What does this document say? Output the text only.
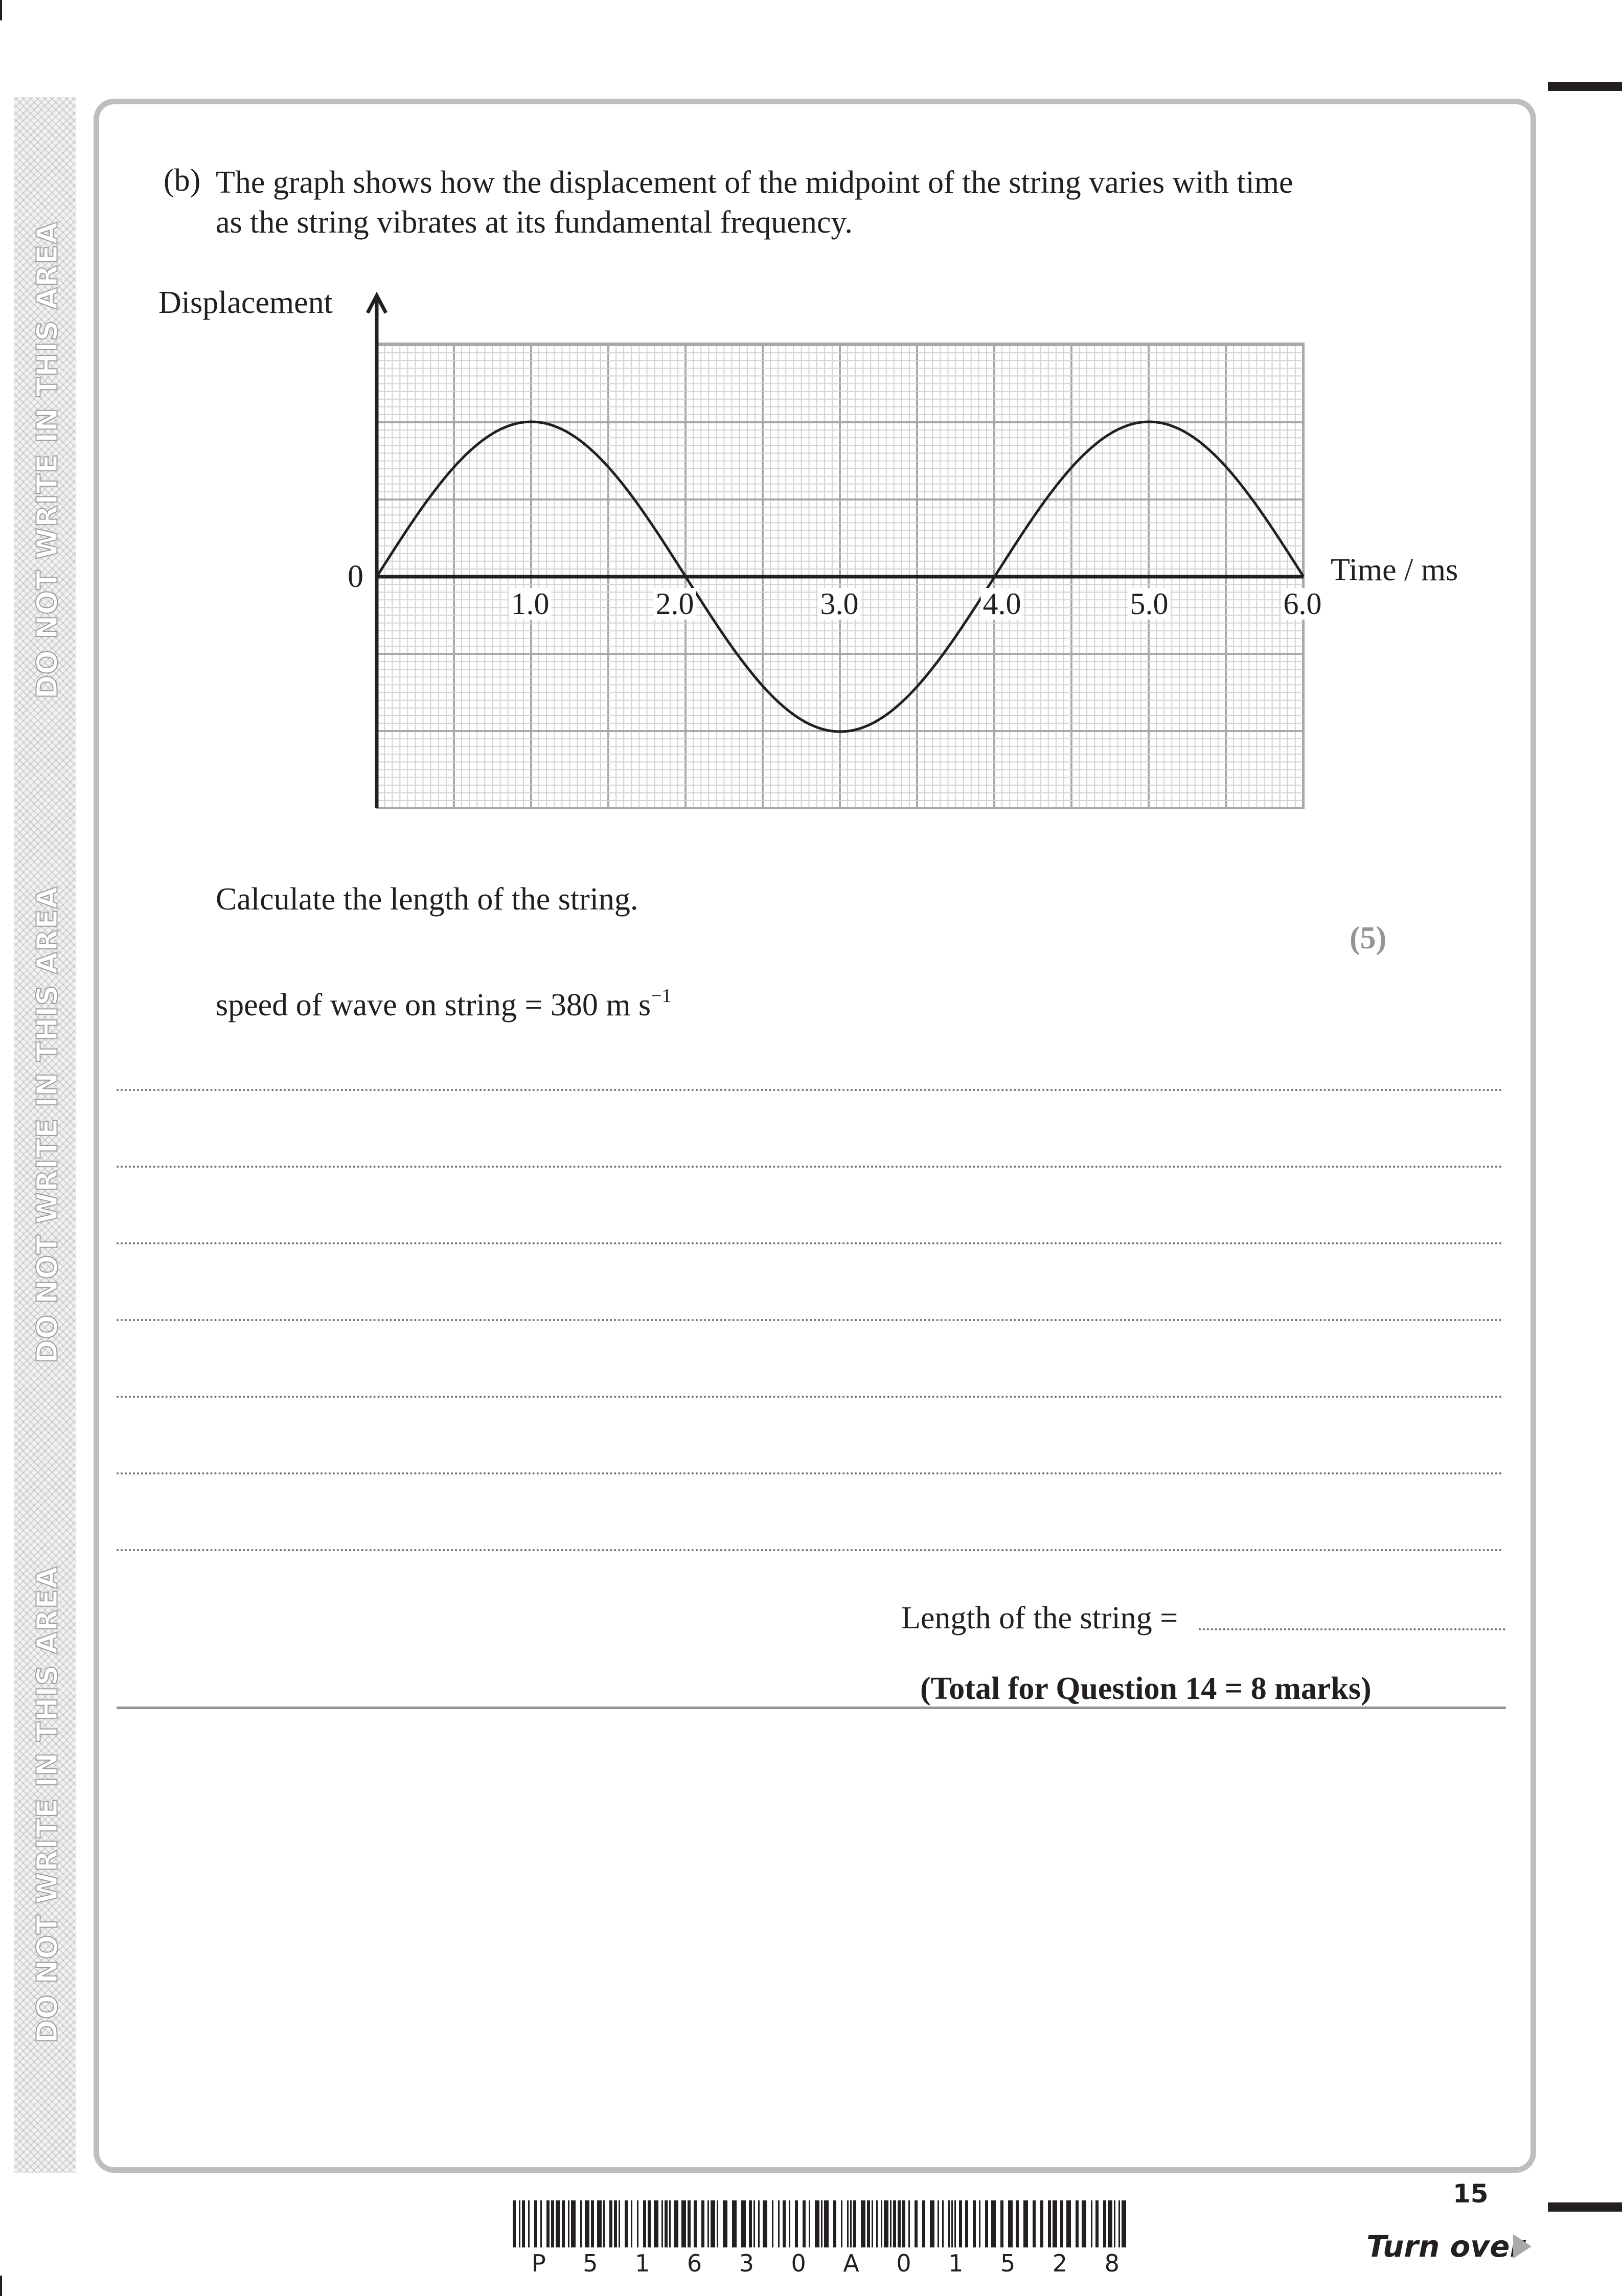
DO NOT WRITE IN THIS AREA
DO NOT WRITE IN THIS AREA
DO NOT WRITE IN THIS AREA
(b) The graph shows how the displacement of the midpoint of the string varies with time
as the string vibrates at its fundamental frequency.
Displacement
0	Time / ms
1.0	2.0	3.0	4.0	5.0	6.0
Calculate the length of the string.
(5)
speed of wave on string = 380 m $s^{-1}$
Length of the string =
(Total for Question 14 = 8 marks)
P 5 1 6 3 0 A 0 1 5 2 8
15
Turn over
